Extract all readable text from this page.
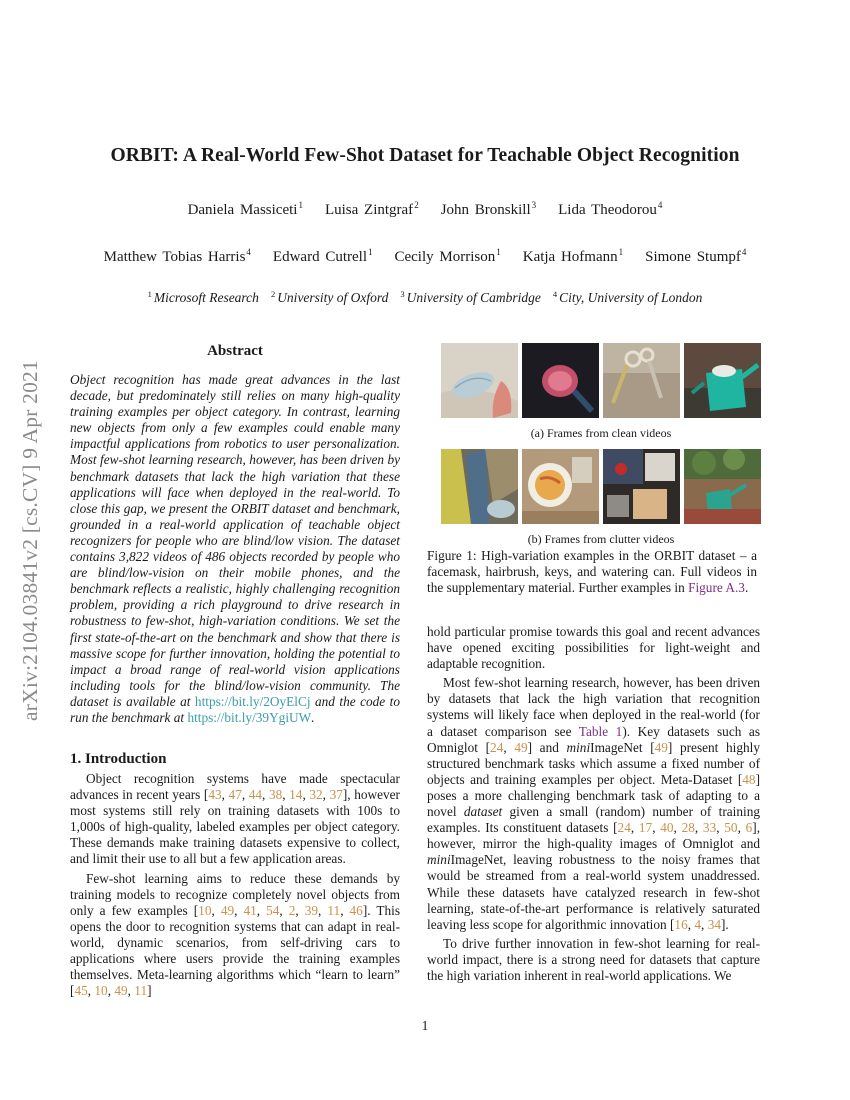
arXiv:2104.03841v2 [cs.CV] 9 Apr 2021
ORBIT: A Real-World Few-Shot Dataset for Teachable Object Recognition
Daniela Massiceti$^1$ Luisa Zintgraf$^2$ John Bronskill$^3$ Lida Theodorou$^4$
Matthew Tobias Harris$^4$ Edward Cutrell$^1$ Cecily Morrison$^1$ Katja Hofmann$^1$ Simone Stumpf$^4$
$^1$ Microsoft Research $^2$ University of Oxford $^3$ University of Cambridge $^4$ City, University of London
Abstract
Object recognition has made great advances in the last decade, but predominately still relies on many high-quality training examples per object category. In contrast, learning new objects from only a few examples could enable many impactful applications from robotics to user personalization. Most few-shot learning research, however, has been driven by benchmark datasets that lack the high variation that these applications will face when deployed in the real-world. To close this gap, we present the ORBIT dataset and benchmark, grounded in a real-world application of teachable object recognizers for people who are blind/low vision. The dataset contains 3,822 videos of 486 objects recorded by people who are blind/low-vision on their mobile phones, and the benchmark reflects a realistic, highly challenging recognition problem, providing a rich playground to drive research in robustness to few-shot, high-variation conditions. We set the first state-of-the-art on the benchmark and show that there is massive scope for further innovation, holding the potential to impact a broad range of real-world vision applications including tools for the blind/low-vision community. The dataset is available at https://bit.ly/2OyElCj and the code to run the benchmark at https://bit.ly/39YgiUW.
1. Introduction

Object recognition systems have made spectacular advances in recent years [43, 47, 44, 38, 14, 32, 37], however most systems still rely on training datasets with 100s to 1,000s of high-quality, labeled examples per object category. These demands make training datasets expensive to collect, and limit their use to all but a few application areas.

Few-shot learning aims to reduce these demands by training models to recognize completely novel objects from only a few examples [10, 49, 41, 54, 2, 39, 11, 46]. This opens the door to recognition systems that can adapt in real-world, dynamic scenarios, from self-driving cars to applications where users provide the training examples themselves. Meta-learning algorithms which “learn to learn” [45, 10, 49, 11]

(a) Frames from clean videos
(b) Frames from clutter videos
Figure 1: High-variation examples in the ORBIT dataset – a facemask, hairbrush, keys, and watering can. Full videos in the supplementary material. Further examples in Figure A.3.

hold particular promise towards this goal and recent advances have opened exciting possibilities for light-weight and adaptable recognition.

Most few-shot learning research, however, has been driven by datasets that lack the high variation that recognition systems will likely face when deployed in the real-world (for a dataset comparison see Table 1). Key datasets such as Omniglot [24, 49] and miniImageNet [49] present highly structured benchmark tasks which assume a fixed number of objects and training examples per object. Meta-Dataset [48] poses a more challenging benchmark task of adapting to a novel dataset given a small (random) number of training examples. Its constituent datasets [24, 17, 40, 28, 33, 50, 6], however, mirror the high-quality images of Omniglot and miniImageNet, leaving robustness to the noisy frames that would be streamed from a real-world system unaddressed. While these datasets have catalyzed research in few-shot learning, state-of-the-art performance is relatively saturated leaving less scope for algorithmic innovation [16, 4, 34].

To drive further innovation in few-shot learning for real-world impact, there is a strong need for datasets that capture the high variation inherent in real-world applications. We

1
